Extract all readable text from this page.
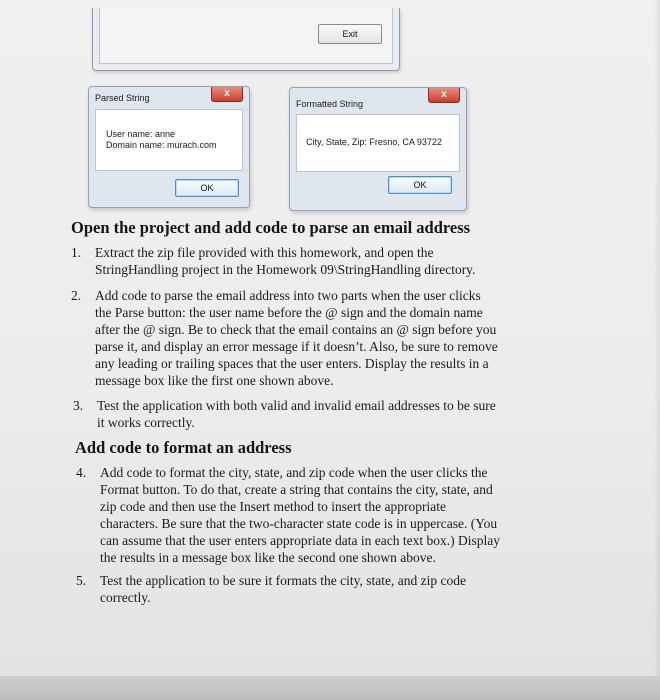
Exit
Parsed String	x
User name: anne
Domain name: murach.com
OK
Formatted String
x
City, State, Zip: Fresno, CA 93722
OK
Open the project and add code to parse an email address
1. Extract the zip file provided with this homework, and open the
StringHandling project in the Homework 09\StringHandling directory.
2. Add code to parse the email address into two parts when the user clicks
the Parse button: the user name before the @ sign and the domain name
after the @ sign. Be to check that the email contains an @ sign before you
parse it, and display an error message if it doesn’t. Also, be sure to remove
any leading or trailing spaces that the user enters. Display the results in a
message box like the first one shown above.
3. Test the application with both valid and invalid email addresses to be sure
it works correctly.
Add code to format an address
4. Add code to format the city, state, and zip code when the user clicks the
Format button. To do that, create a string that contains the city, state, and
zip code and then use the Insert method to insert the appropriate
characters. Be sure that the two-character state code is in uppercase. (You
can assume that the user enters appropriate data in each text box.) Display
the results in a message box like the second one shown above.
5. Test the application to be sure it formats the city, state, and zip code
correctly.
